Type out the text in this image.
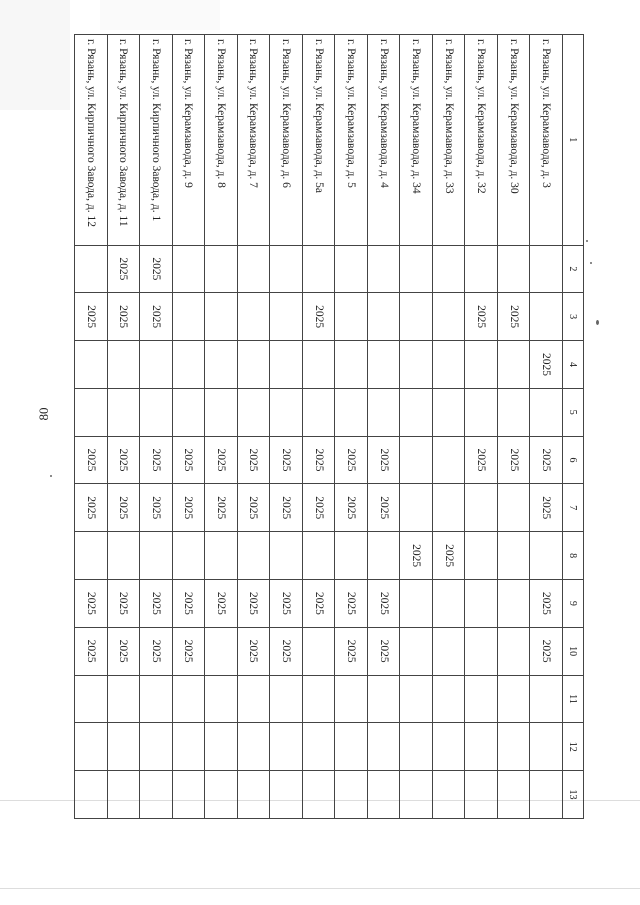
80
1	2	3	4	5	6	7	8	9	10	11	12	13
г. Рязань, ул. Керамзавода, д. 3			2025		2025	2025		2025	2025			
г. Рязань, ул. Керамзавода, д. 30		2025			2025							
г. Рязань, ул. Керамзавода, д. 32		2025			2025							
г. Рязань, ул. Керамзавода, д. 33							2025					
г. Рязань, ул. Керамзавода, д. 34							2025					
г. Рязань, ул. Керамзавода, д. 4					2025	2025		2025	2025			
г. Рязань, ул. Керамзавода, д. 5					2025	2025		2025	2025			
г. Рязань, ул. Керамзавода, д. 5а		2025			2025	2025		2025				
г. Рязань, ул. Керамзавода, д. 6					2025	2025		2025	2025			
г. Рязань, ул. Керамзавода, д. 7					2025	2025		2025	2025			
г. Рязань, ул. Керамзавода, д. 8					2025	2025		2025				
г. Рязань, ул. Керамзавода, д. 9					2025	2025		2025	2025			
г. Рязань, ул. Кирпичного Завода, д. 1	2025	2025			2025	2025		2025	2025			
г. Рязань, ул. Кирпичного Завода, д. 11	2025	2025			2025	2025		2025	2025			
г. Рязань, ул. Кирпичного Завода, д. 12		2025			2025	2025		2025	2025			
